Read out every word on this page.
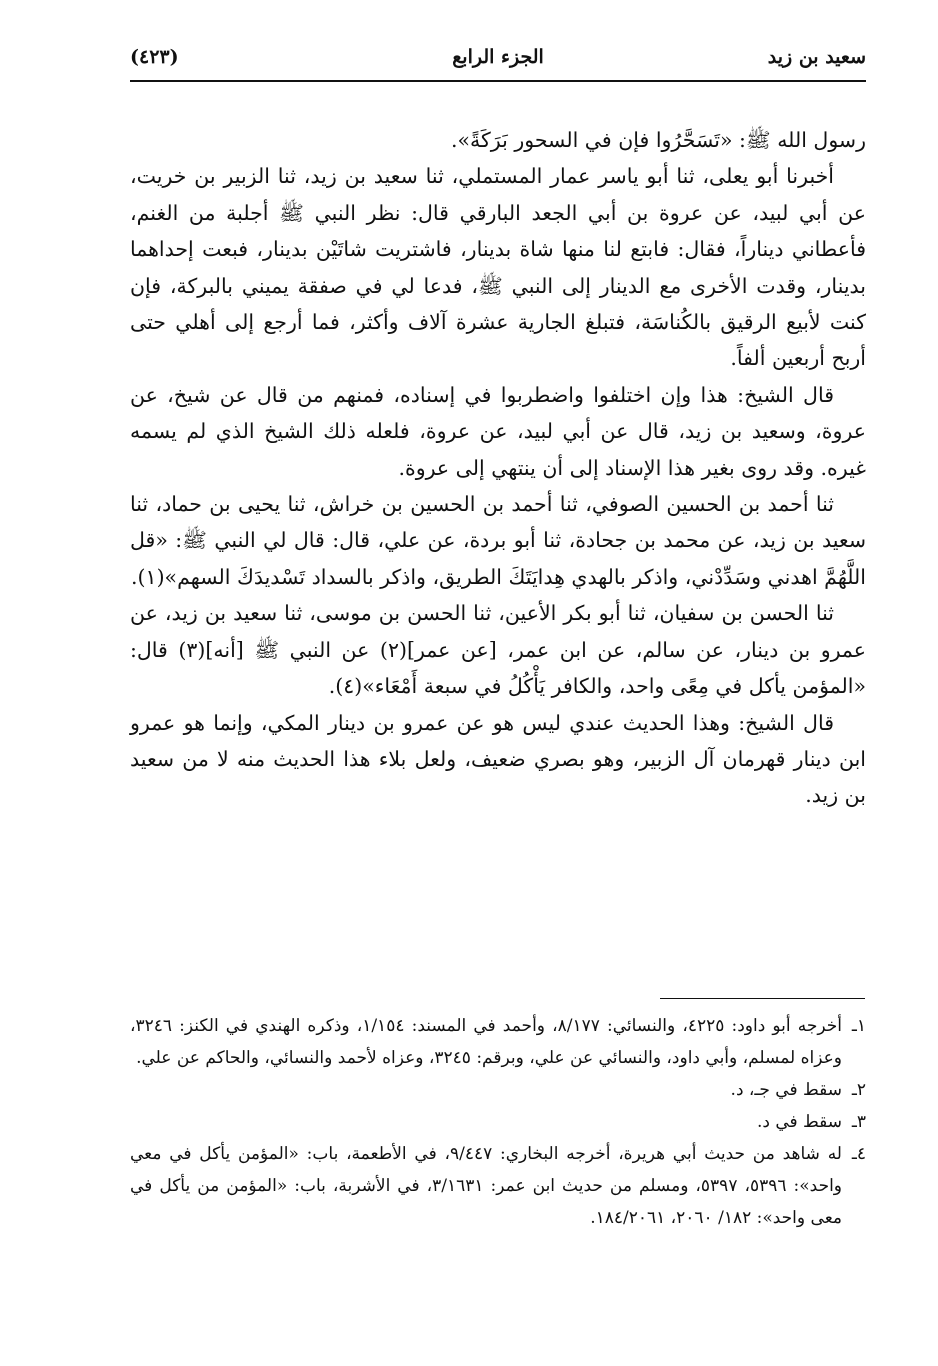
سعيد بن زيد
الجزء الرابع
(٤٢٣)

رسول الله ﷺ: «تَسَحَّرُوا فإن في السحور بَرَكَةً».

أخبرنا أبو يعلى، ثنا أبو ياسر عمار المستملي، ثنا سعيد بن زيد، ثنا الزبير بن خريت، عن أبي لبيد، عن عروة بن أبي الجعد البارقي قال: نظر النبي ﷺ أجلبة من الغنم، فأعطاني ديناراً، فقال: فابتع لنا منها شاة بدينار، فاشتريت شاتَيْن بدينار، فبعت إحداهما بدينار، وقدت الأخرى مع الدينار إلى النبي ﷺ، فدعا لي في صفقة يميني بالبركة، فإن كنت لأبيع الرقيق بالكُناسَة، فتبلغ الجارية عشرة آلاف وأكثر، فما أرجع إلى أهلي حتى أربح أربعين ألفاً.

قال الشيخ: هذا وإن اختلفوا واضطربوا في إسناده، فمنهم من قال عن شيخ، عن عروة، وسعيد بن زيد، قال عن أبي لبيد، عن عروة، فلعله ذلك الشيخ الذي لم يسمه غيره. وقد روى بغير هذا الإسناد إلى أن ينتهي إلى عروة.

ثنا أحمد بن الحسين الصوفي، ثنا أحمد بن الحسين بن خراش، ثنا يحيى بن حماد، ثنا سعيد بن زيد، عن محمد بن جحادة، ثنا أبو بردة، عن علي، قال: قال لي النبي ﷺ: «قل اللَّهُمَّ اهدني وسَدِّدْني، واذكر بالهدي هِدايَتَكَ الطريق، واذكر بالسداد تَسْديدَكَ السهم»(١).

ثنا الحسن بن سفيان، ثنا أبو بكر الأعين، ثنا الحسن بن موسى، ثنا سعيد بن زيد، عن عمرو بن دينار، عن سالم، عن ابن عمر، [عن عمر](٢) عن النبي ﷺ [أنه](٣) قال: «المؤمن يأكل في مِعًى واحد، والكافر يَأْكُلُ في سبعة أَمْعَاء»(٤).

قال الشيخ: وهذا الحديث عندي ليس هو عن عمرو بن دينار المكي، وإنما هو عمرو ابن دينار قهرمان آل الزبير، وهو بصري ضعيف، ولعل بلاء هذا الحديث منه لا من سعيد بن زيد.

١ـ
أخرجه أبو داود: ٤٢٢٥، والنسائي: ٨/١٧٧، وأحمد في المسند: ١/١٥٤، وذكره الهندي في الكنز: ٣٢٤٦، وعزاه لمسلم، وأبي داود، والنسائي عن علي، وبرقم: ٣٢٤٥، وعزاه لأحمد والنسائي، والحاكم عن علي.
٢ـ
سقط في جـ، د.
٣ـ
سقط في د.
٤ـ
له شاهد من حديث أبي هريرة، أخرجه البخاري: ٩/٤٤٧، في الأطعمة، باب: «المؤمن يأكل في معي واحد»: ٥٣٩٦، ٥٣٩٧، ومسلم من حديث ابن عمر: ٣/١٦٣١، في الأشربة، باب: «المؤمن من يأكل في معى واحد»: ١٨٢/ ٢٠٦٠، ١٨٤/٢٠٦١.
